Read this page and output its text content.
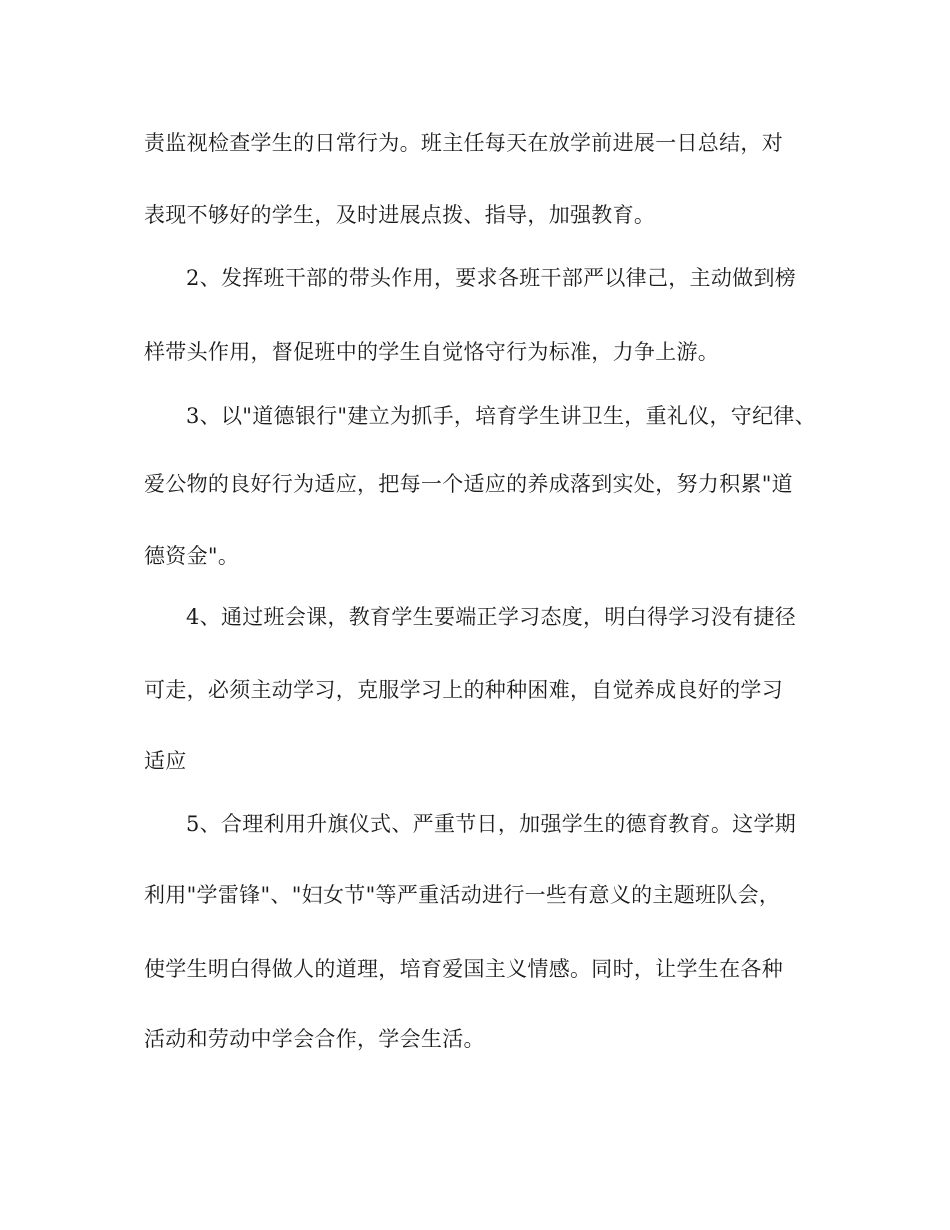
责监视检查学生的日常行为。班主任每天在放学前进展一日总结，对
表现不够好的学生，及时进展点拨、指导，加强教育。
2、发挥班干部的带头作用，要求各班干部严以律己，主动做到榜
样带头作用，督促班中的学生自觉恪守行为标准，力争上游。
3、以"道德银行"建立为抓手，培育学生讲卫生，重礼仪，守纪律、
爱公物的良好行为适应，把每一个适应的养成落到实处，努力积累"道
德资金"。
4、通过班会课，教育学生要端正学习态度，明白得学习没有捷径
可走，必须主动学习，克服学习上的种种困难，自觉养成良好的学习
适应
5、合理利用升旗仪式、严重节日，加强学生的德育教育。这学期
利用"学雷锋"、"妇女节"等严重活动进行一些有意义的主题班队会，
使学生明白得做人的道理，培育爱国主义情感。同时，让学生在各种
活动和劳动中学会合作，学会生活。
